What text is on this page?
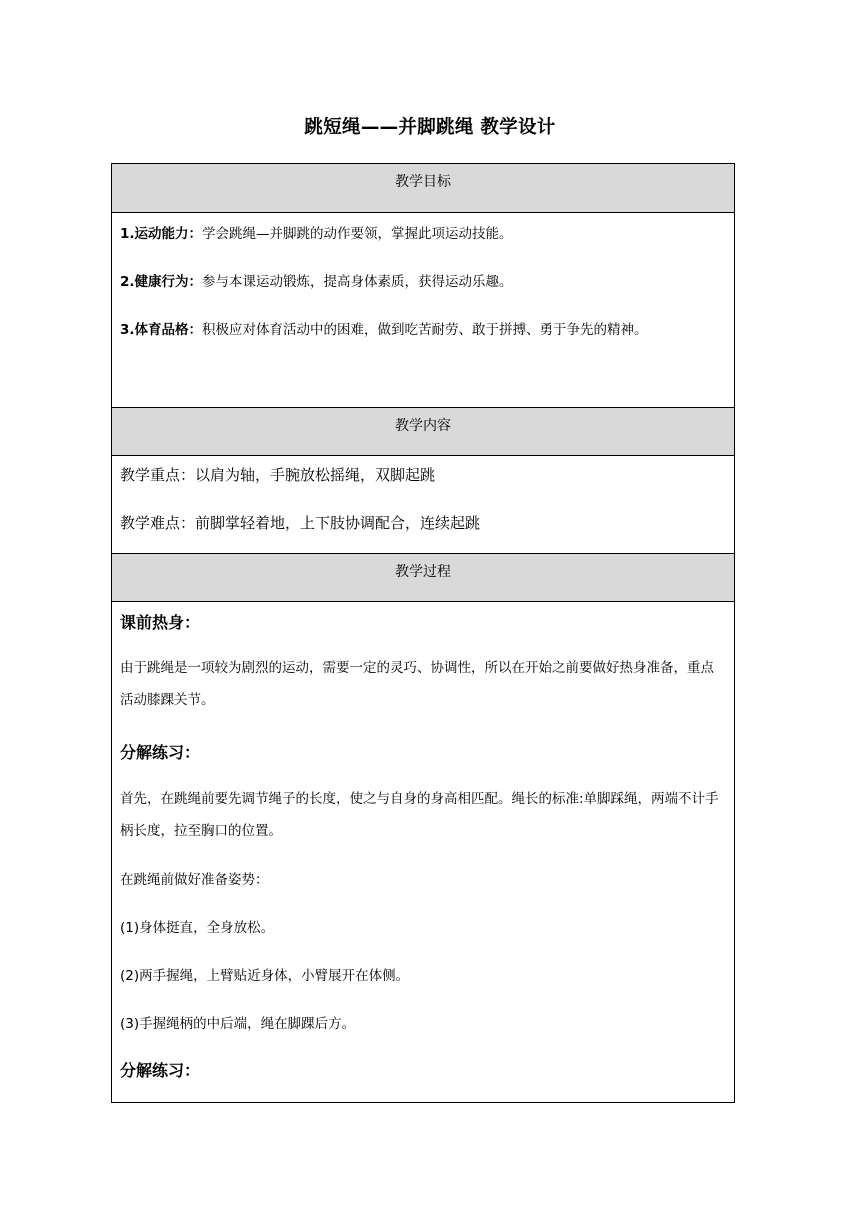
跳短绳——并脚跳绳 教学设计
教学目标
1.运动能力：学会跳绳—并脚跳的动作要领，掌握此项运动技能。
2.健康行为：参与本课运动锻炼，提高身体素质，获得运动乐趣。
3.体育品格：积极应对体育活动中的困难，做到吃苦耐劳、敢于拼搏、勇于争先的精神。
教学内容
教学重点：以肩为轴，手腕放松摇绳，双脚起跳
教学难点：前脚掌轻着地，上下肢协调配合，连续起跳
教学过程
课前热身：
由于跳绳是一项较为剧烈的运动，需要一定的灵巧、协调性，所以在开始之前要做好热身准备，重点活动膝踝关节。
分解练习：
首先，在跳绳前要先调节绳子的长度，使之与自身的身高相匹配。绳长的标准:单脚踩绳，两端不计手柄长度，拉至胸口的位置。
在跳绳前做好准备姿势：
(1)身体挺直，全身放松。
(2)两手握绳，上臂贴近身体，小臂展开在体侧。
(3)手握绳柄的中后端，绳在脚踝后方。
分解练习：
